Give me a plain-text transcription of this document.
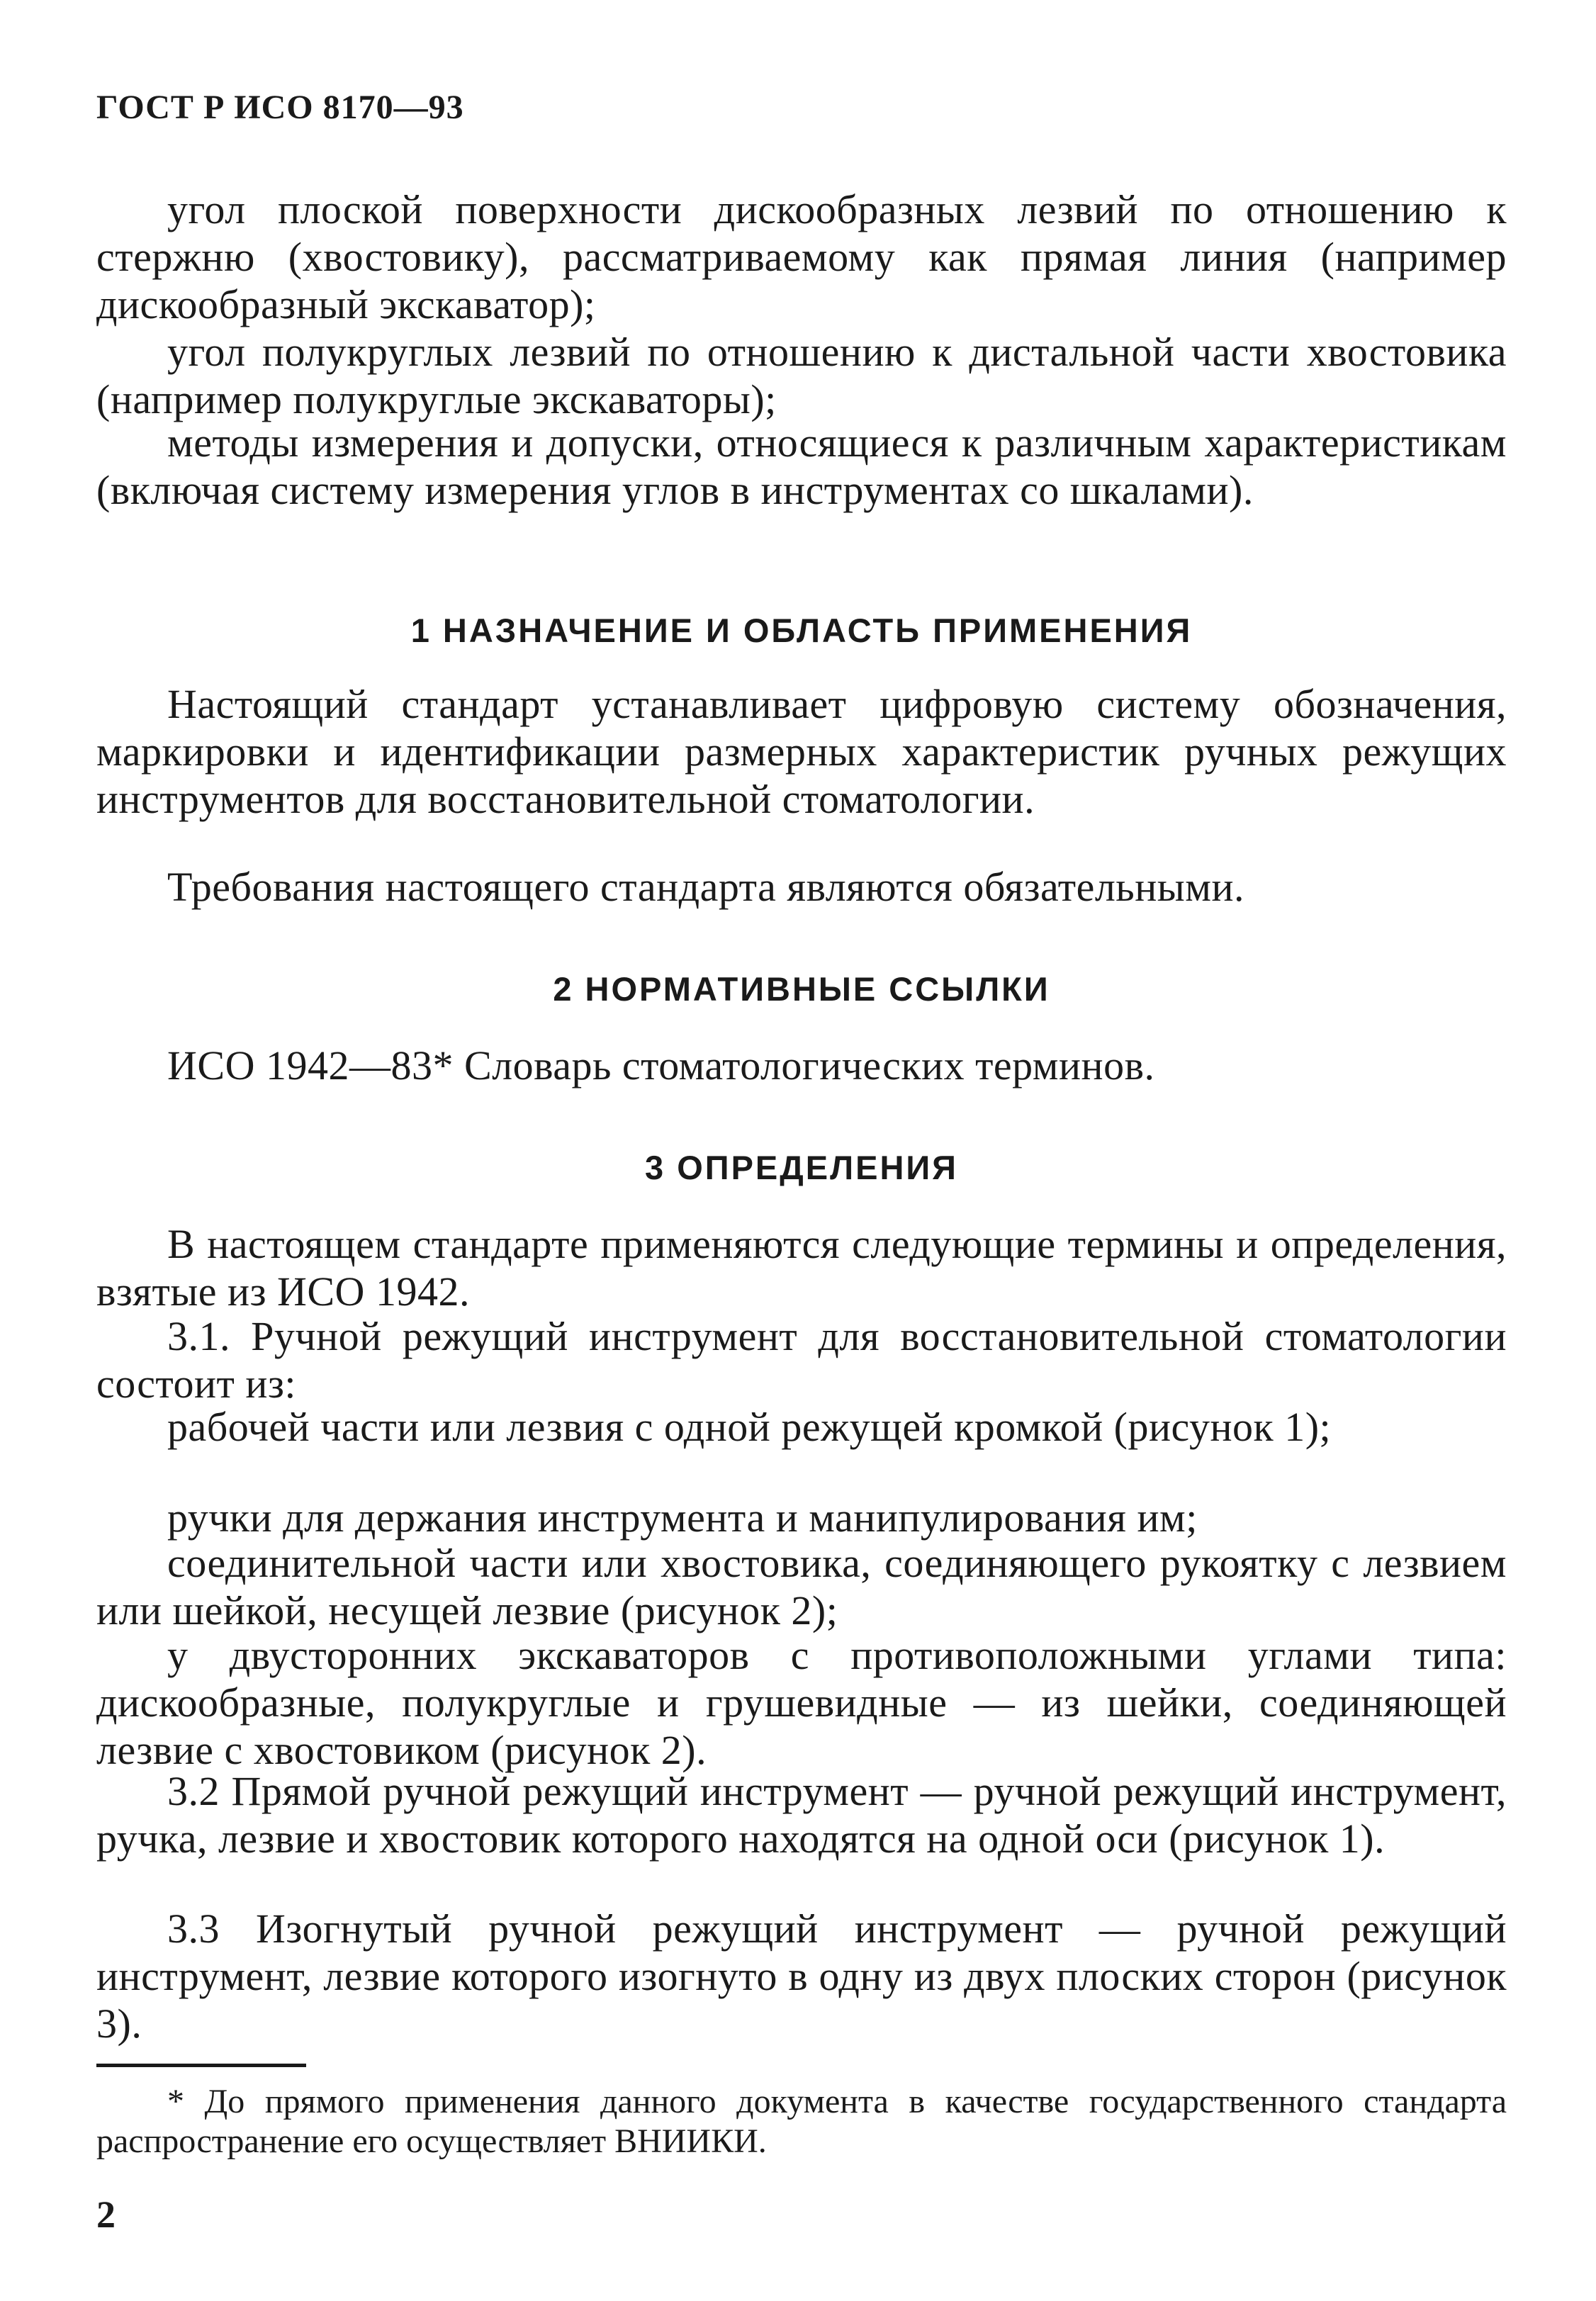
ГОСТ Р ИСО 8170—93

угол плоской поверхности дискообразных лезвий по отношению к стержню (хвостовику), рассматриваемому как прямая линия (например дискообразный экскаватор);

угол полукруглых лезвий по отношению к дистальной части хвостовика (например полукруглые экскаваторы);

методы измерения и допуски, относящиеся к различным характеристикам (включая систему измерения углов в инструментах со шкалами).

1 НАЗНАЧЕНИЕ И ОБЛАСТЬ ПРИМЕНЕНИЯ

Настоящий стандарт устанавливает цифровую систему обозначения, маркировки и идентификации размерных характеристик ручных режущих инструментов для восстановительной стоматологии.

Требования настоящего стандарта являются обязательными.

2 НОРМАТИВНЫЕ ССЫЛКИ

ИСО 1942—83* Словарь стоматологических терминов.

3 ОПРЕДЕЛЕНИЯ

В настоящем стандарте применяются следующие термины и определения, взятые из ИСО 1942.

3.1. Ручной режущий инструмент для восстановительной стоматологии состоит из:

рабочей части или лезвия с одной режущей кромкой (рисунок 1);

ручки для держания инструмента и манипулирования им;

соединительной части или хвостовика, соединяющего рукоятку с лезвием или шейкой, несущей лезвие (рисунок 2);

у двусторонних экскаваторов с противоположными углами типа: дискообразные, полукруглые и грушевидные — из шейки, соединяющей лезвие с хвостовиком (рисунок 2).

3.2 Прямой ручной режущий инструмент — ручной режущий инструмент, ручка, лезвие и хвостовик которого находятся на одной оси (рисунок 1).

3.3 Изогнутый ручной режущий инструмент — ручной режущий инструмент, лезвие которого изогнуто в одну из двух плоских сторон (рисунок 3).

* До прямого применения данного документа в качестве государственного стандарта распространение его осуществляет ВНИИКИ.

2
